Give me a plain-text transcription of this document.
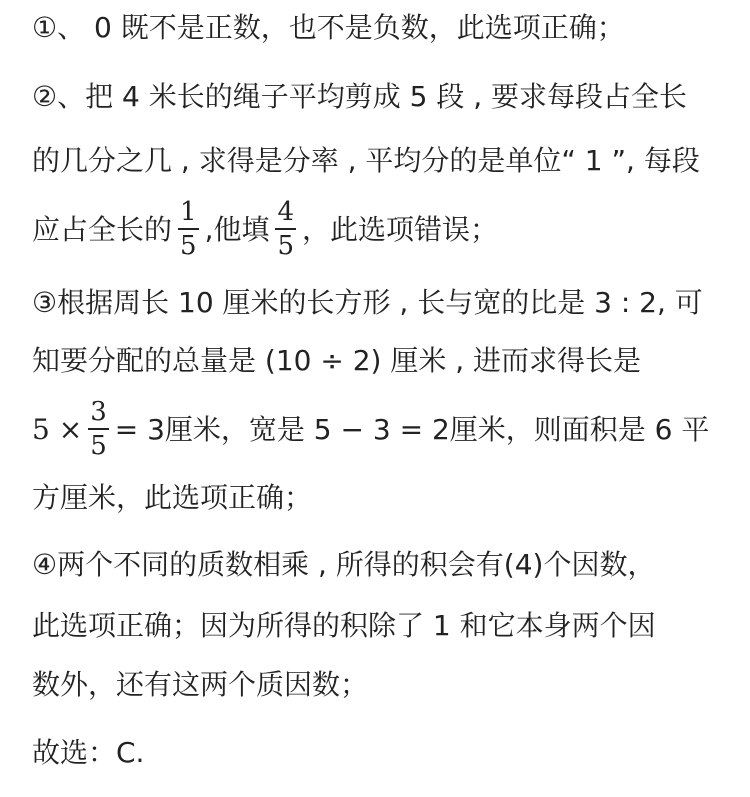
①、 0 既不是正数，也不是负数，此选项正确；
②、把 4 米长的绳子平均剪成 5 段 , 要求每段占全长
的几分之几 , 求得是分率 , 平均分的是单位“ 1 ”, 每段
应占全长的 $\frac{1}{5}$ ,他填 $\frac{4}{5}$ ，此选项错误；
③根据周长 10 厘米的长方形 , 长与宽的比是 3 : 2, 可
知要分配的总量是 (10 ÷ 2) 厘米 , 进而求得长是
$5 \times \frac{3}{5} = 3$厘米，宽是 5 − 3 = 2厘米，则面积是 6 平
方厘米，此选项正确；
④两个不同的质数相乘 , 所得的积会有(4)个因数，
此选项正确；因为所得的积除了 1 和它本身两个因
数外，还有这两个质因数；
故选：C.
